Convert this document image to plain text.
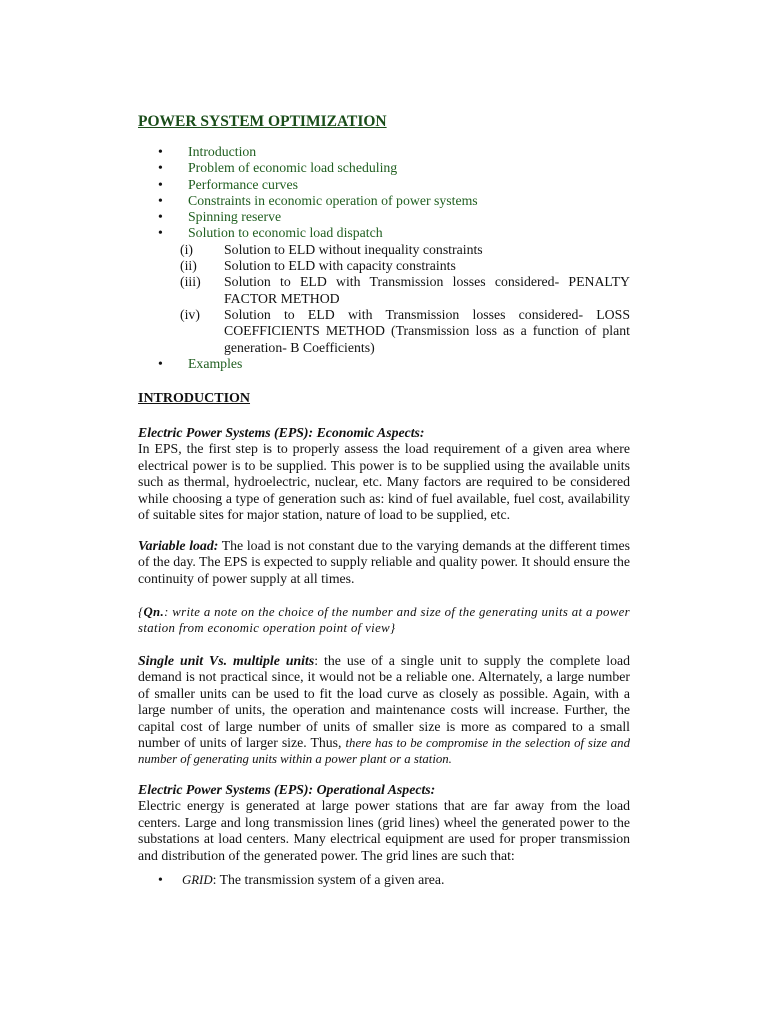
POWER SYSTEM OPTIMIZATION
• Introduction
• Problem of economic load scheduling
• Performance curves
• Constraints in economic operation of power systems
• Spinning reserve
• Solution to economic load dispatch
(i) Solution to ELD without inequality constraints
(ii) Solution to ELD with capacity constraints
(iii) Solution to ELD with Transmission losses considered- PENALTY FACTOR METHOD
(iv) Solution to ELD with Transmission losses considered- LOSS COEFFICIENTS METHOD (Transmission loss as a function of plant generation- B Coefficients)
• Examples
INTRODUCTION

Electric Power Systems (EPS): Economic Aspects:
In EPS, the first step is to properly assess the load requirement of a given area where electrical power is to be supplied. This power is to be supplied using the available units such as thermal, hydroelectric, nuclear, etc. Many factors are required to be considered while choosing a type of generation such as: kind of fuel available, fuel cost, availability of suitable sites for major station, nature of load to be supplied, etc.

Variable load: The load is not constant due to the varying demands at the different times of the day. The EPS is expected to supply reliable and quality power. It should ensure the continuity of power supply at all times.

{Qn.: write a note on the choice of the number and size of the generating units at a power station from economic operation point of view}

Single unit Vs. multiple units: the use of a single unit to supply the complete load demand is not practical since, it would not be a reliable one. Alternately, a large number of smaller units can be used to fit the load curve as closely as possible. Again, with a large number of units, the operation and maintenance costs will increase. Further, the capital cost of large number of units of smaller size is more as compared to a small number of units of larger size. Thus, there has to be compromise in the selection of size and number of generating units within a power plant or a station.

Electric Power Systems (EPS): Operational Aspects:
Electric energy is generated at large power stations that are far away from the load centers. Large and long transmission lines (grid lines) wheel the generated power to the substations at load centers. Many electrical equipment are used for proper transmission and distribution of the generated power. The grid lines are such that:

• GRID: The transmission system of a given area.
